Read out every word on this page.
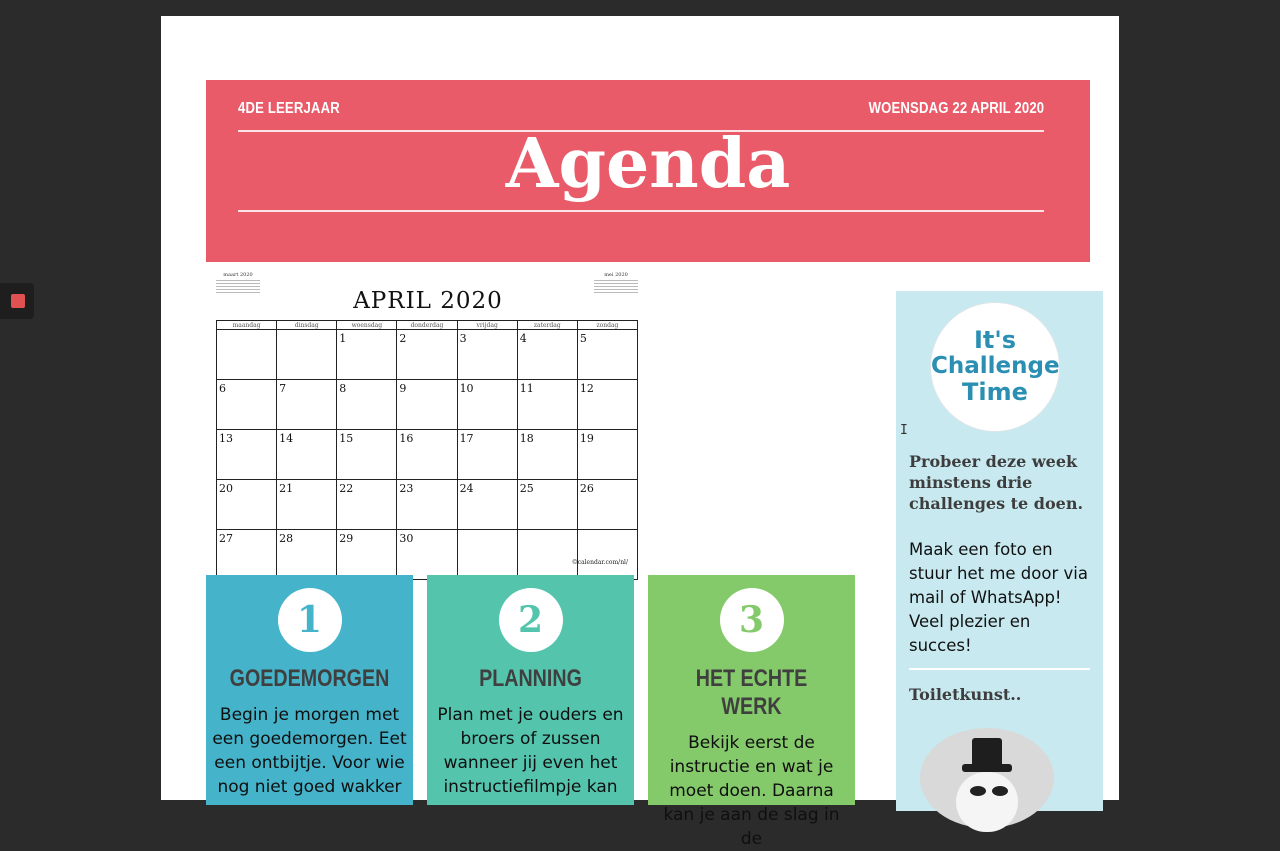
4DE LEERJAAR	WOENSDAG 22 APRIL 2020
Agenda
maart 2020	mei 2020
APRIL 2020
maandag	dinsdag	woensdag	donderdag	vrijdag	zaterdag	zondag
		1	2	3	4	5
6	7	8	9	10	11	12
13	14	15	16	17	18	19
20	21	22	23	24	25	26
27	28	29	30			
©calendar.com/nl/
1
GOEDEMORGEN
Begin je morgen met een goedemorgen. Eet een ontbijtje. Voor wie nog niet goed wakker
2
PLANNING
Plan met je ouders en broers of zussen wanneer jij even het instructiefilmpje kan
3
HET ECHTE WERK
Bekijk eerst de instructie en wat je moet doen. Daarna kan je aan de slag in de
It's
Challenge
Time
Probeer deze week minstens drie challenges te doen.
Maak een foto en stuur het me door via mail of WhatsApp! Veel plezier en succes!
Toiletkunst..
I
